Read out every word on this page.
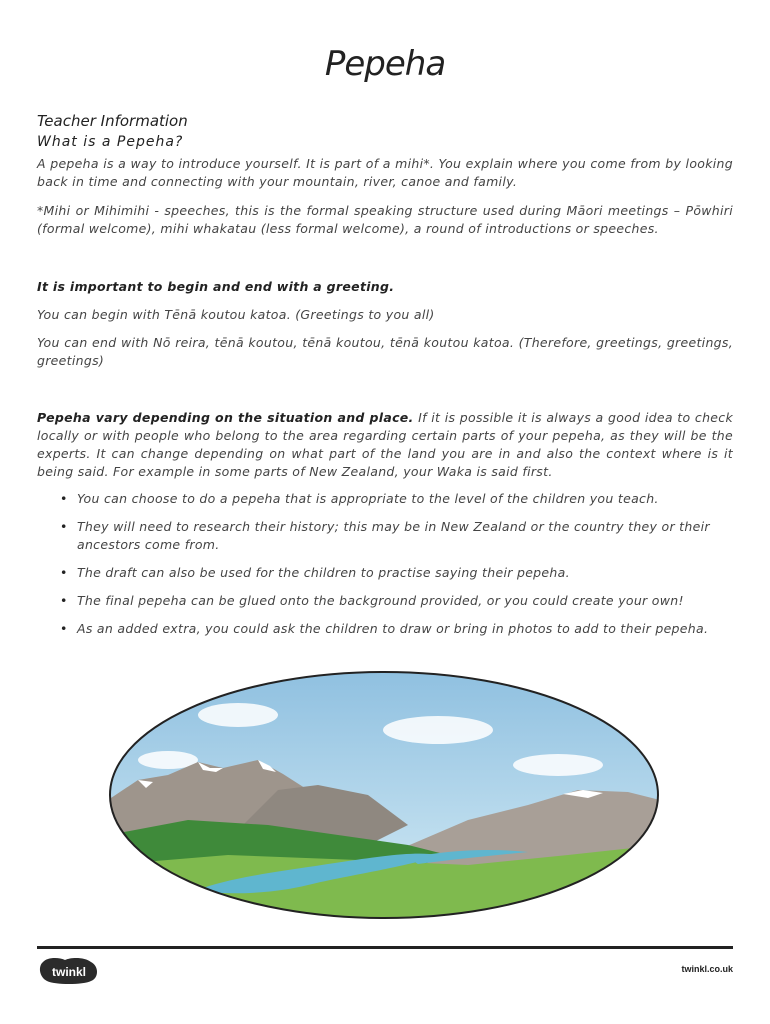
Pepeha
Teacher Information
What is a Pepeha?
A pepeha is a way to introduce yourself. It is part of a mihi*. You explain where you come from by looking back in time and connecting with your mountain, river, canoe and family.
*Mihi or Mihimihi - speeches, this is the formal speaking structure used during Māori meetings – Pōwhiri (formal welcome), mihi whakatau (less formal welcome), a round of introductions or speeches.
It is important to begin and end with a greeting.
You can begin with Tēnā koutou katoa. (Greetings to you all)
You can end with Nō reira, tēnā koutou, tēnā koutou, tēnā koutou katoa. (Therefore, greetings, greetings, greetings)
Pepeha vary depending on the situation and place. If it is possible it is always a good idea to check locally or with people who belong to the area regarding certain parts of your pepeha, as they will be the experts. It can change depending on what part of the land you are in and also the context where is it being said. For example in some parts of New Zealand, your Waka is said first.
• You can choose to do a pepeha that is appropriate to the level of the children you teach.
• They will need to research their history; this may be in New Zealand or the country they or their ancestors come from.
• The draft can also be used for the children to practise saying their pepeha.
• The final pepeha can be glued onto the background provided, or you could create your own!
• As an added extra, you could ask the children to draw or bring in photos to add to their pepeha.
twinkl	twinkl.co.uk
